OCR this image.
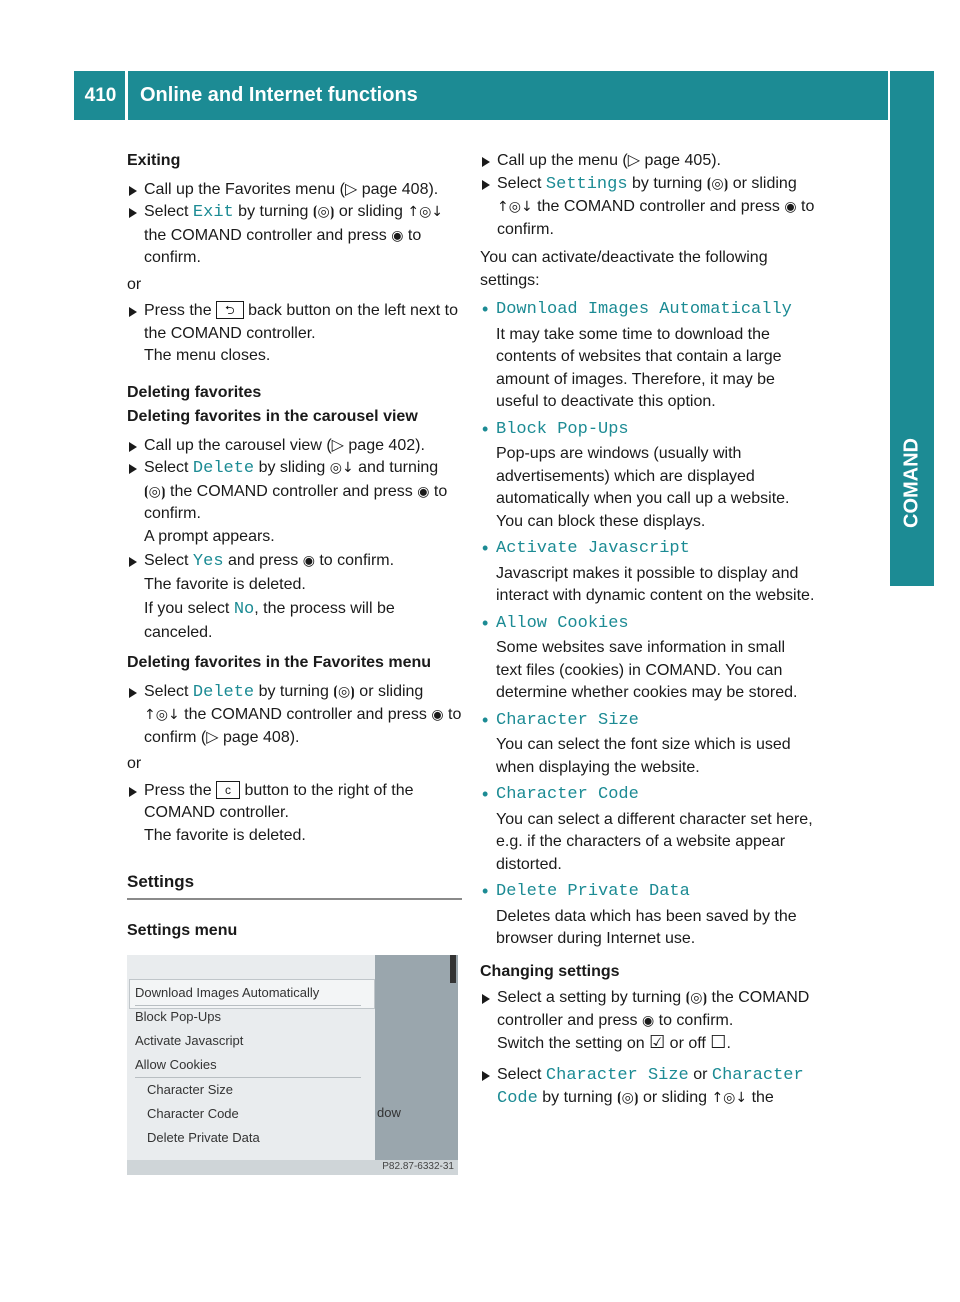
410	Online and Internet functions
COMAND

Exiting

Call up the Favorites menu (▷ page 408).

Select Exit by turning ⦗◎⦘ or sliding ↑◎↓ the COMAND controller and press ◉ to confirm.

or

Press the ⮌ back button on the left next to the COMAND controller.

The menu closes.

Deleting favorites

Deleting favorites in the carousel view

Call up the carousel view (▷ page 402).

Select Delete by sliding ◎↓ and turning ⦗◎⦘ the COMAND controller and press ◉ to confirm.

A prompt appears.

Select Yes and press ◉ to confirm.

The favorite is deleted.

If you select No, the process will be canceled.

Deleting favorites in the Favorites menu

Select Delete by turning ⦗◎⦘ or sliding ↑◎↓ the COMAND controller and press ◉ to confirm (▷ page 408).

or

Press the c button to the right of the COMAND controller.

The favorite is deleted.

Settings

Settings menu

Download Images Automatically
Block Pop-Ups
Activate Javascript
Allow Cookies
Character Size
Character Code
Delete Private Data
dow
P82.87-6332-31

Call up the menu (▷ page 405).

Select Settings by turning ⦗◎⦘ or sliding ↑◎↓ the COMAND controller and press ◉ to confirm.

You can activate/deactivate the following settings:

• Download Images Automatically

It may take some time to download the contents of websites that contain a large amount of images. Therefore, it may be useful to deactivate this option.

• Block Pop-Ups

Pop-ups are windows (usually with advertisements) which are displayed automatically when you call up a website. You can block these displays.

• Activate Javascript

Javascript makes it possible to display and interact with dynamic content on the website.

• Allow Cookies

Some websites save information in small text files (cookies) in COMAND. You can determine whether cookies may be stored.

• Character Size

You can select the font size which is used when displaying the website.

• Character Code

You can select a different character set here, e.g. if the characters of a website appear distorted.

• Delete Private Data

Deletes data which has been saved by the browser during Internet use.

Changing settings

Select a setting by turning ⦗◎⦘ the COMAND controller and press ◉ to confirm.

Switch the setting on ☑ or off ☐.

Select Character Size or Character Code by turning ⦗◎⦘ or sliding ↑◎↓ the
